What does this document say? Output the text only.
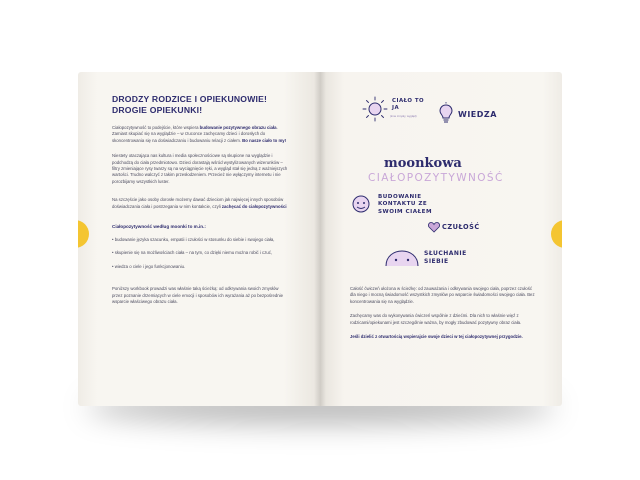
DRODZY RODZICE I OPIEKUNOWIE! DROGIE OPIEKUNKI!

Ciałopozytywność to podejście, które wspiera budowanie pozytywnego obrazu ciała. Zamiast skupiać się na wyglądzie – w rzuconce zachęcamy dzieci i dorosłych do skoncentrowania się na doświadczaniu i budowaniu relacji z ciałem. Bo nasze ciało to my!

Niestety otaczająca nas kultura i media społecznościowe są skupione na wyglądzie i podchodzą do ciała przedmiotowo. Dzieci dorastają wśród wystylizowanych wizerunków – filtry zmieniające rysy twarzy są na wyciągnięcie ręki, a wygląd stał się jedną z ważniejszych wartości. Trudno walczyć z takim przesłodzeniem. Przecież nie wyłączymy internetu i nie porozbijamy wszystkich luster.

Na szczęście jako osoby dorosłe możemy dawać dzieciom jak najwięcej innych sposobów doświadczania ciała i postrzegania w nim kontakcie, czyli zachęcać do ciałopozytywności

Ciałopozytywność według moonki to m.in.:
• budowanie języka szacunku, empatii i czułości w stosunku do siebie i swojego ciała,
• skupienie się na możliwościach ciała – na tym, co dzięki niemu można robić i czuć,
• wiedza o ciele i jego funkcjonowaniu.

Poniższy workbook prowadzi was właśnie taką ścieżką: od odkrywania swoich zmysłów przez poznanie drzemiących w ciele emocji i sposobów ich wyrażania aż po bezpośrednie wsparcie właściwego obrazu ciała.

CIAŁO TO JA
(inne zmysły, wygląd)	WIEDZA
moonkowa
CIAŁOPOZYTYWNOŚĆ
BUDOWANIE KONTAKTU ZE SWOIM CIAŁEM
CZUŁOŚĆ
SŁUCHANIE SIEBIE

Całość ćwiczeń ułożona w ścieżkę: od zauważania i odkrywania swojego ciała, poprzez czułość dla niego i mocną świadomość wszystkich zmysłów po wsparcie świadomości swojego ciała. Bez koncentrowania się na wyglądzie.

Zachęcamy was do wykonywania ćwiczeń wspólnie z dziećmi. Dla nich to właśnie więź z rodzicami/opiekunami jest szczególnie ważna, by mogły zbudować pozytywny obraz ciała.

Jeśli dzielić z otwartością wspierajcie swoje dzieci w tej ciałopozytywnej przygodzie.
